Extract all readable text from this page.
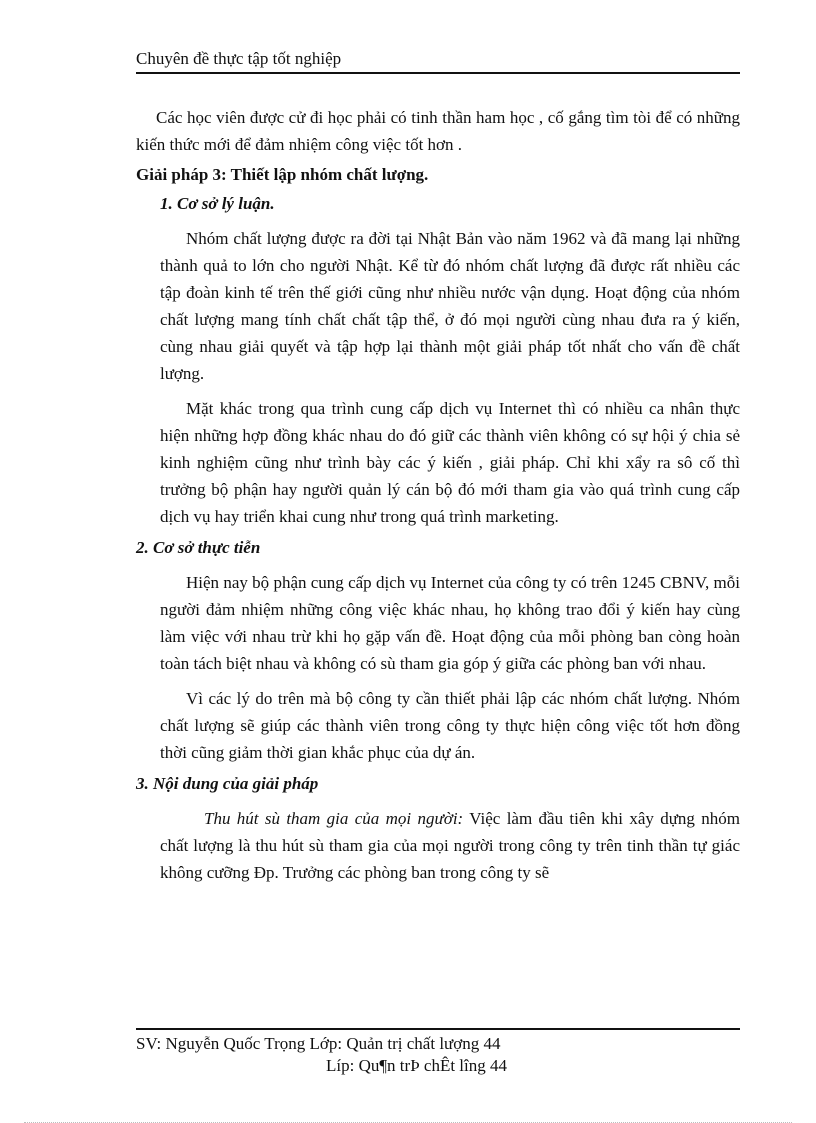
Chuyên đề thực tập tốt nghiệp

Các học viên được cử đi học phải có tinh thần ham học , cố gắng tìm tòi để có những kiến thức mới để đảm nhiệm công việc tốt hơn .

Giải pháp 3: Thiết lập nhóm chất lượng.

1. Cơ sở lý luận.

Nhóm chất lượng được ra đời tại Nhật Bản vào năm 1962 và đã mang lại những thành quả to lớn cho người Nhật. Kể từ đó nhóm chất lượng đã được rất nhiều các tập đoàn kinh tế trên thế giới cũng như nhiều nước vận dụng. Hoạt động của nhóm chất lượng mang tính chất chất tập thể, ở đó mọi người cùng nhau đưa ra ý kiến, cùng nhau giải quyết và tập hợp lại thành một giải pháp tốt nhất cho vấn đề chất lượng.

Mặt khác trong qua trình cung cấp dịch vụ Internet thì có nhiều ca nhân thực hiện những hợp đồng khác nhau do đó giữ các thành viên không có sự hội ý chia sẻ kinh nghiệm cũng như trình bày các ý kiến , giải pháp. Chỉ khi xẩy ra sô cố thì trưởng bộ phận hay người quản lý cán bộ đó mới tham gia vào quá trình cung cấp dịch vụ hay triển khai cung như trong quá trình marketing.

2. Cơ sở thực tiễn

Hiện nay bộ phận cung cấp dịch vụ Internet của công ty có trên 1245 CBNV, mỗi người đảm nhiệm những công việc khác nhau, họ không trao đổi ý kiến hay cùng làm việc với nhau trừ khi họ gặp vấn đề. Hoạt động của mỗi phòng ban còng hoàn toàn tách biệt nhau và không có sù tham gia góp ý giữa các phòng ban với nhau.

Vì các lý do trên mà bộ công ty cần thiết phải lập các nhóm chất lượng. Nhóm chất lượng sẽ giúp các thành viên trong công ty thực hiện công việc tốt hơn đồng thời cũng giảm thời gian khắc phục của dự án.

3. Nội dung của giải pháp

Thu hút sù tham gia của mọi người: Việc làm đầu tiên khi xây dựng nhóm chất lượng là thu hút sù tham gia của mọi người trong công ty trên tinh thần tự giác không cưỡng Đp. Trưởng các phòng ban trong công ty sẽ

SV: Nguyễn Quốc Trọng Lớp: Quản trị chất lượng 44
Líp: Qu¶n trÞ chÊt lîng 44
